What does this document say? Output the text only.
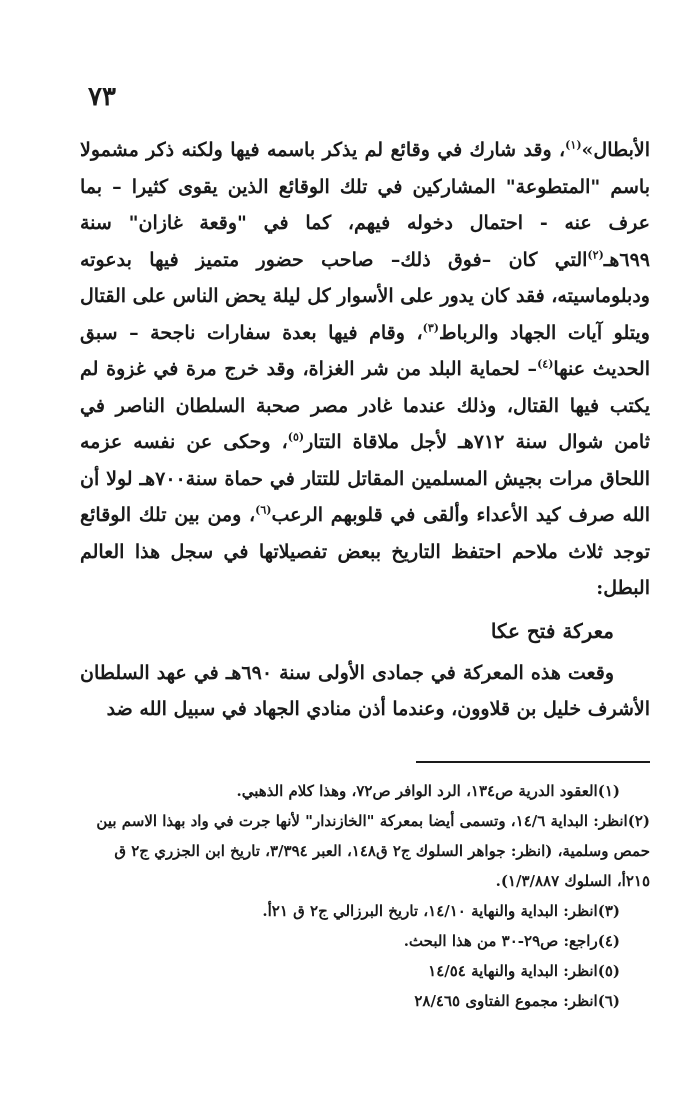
٧٣

الأبطال»$^{(١)}$، وقد شارك في وقائع لم يذكر باسمه فيها ولكنه ذكر مشمولا باسم "المتطوعة" المشاركين في تلك الوقائع الذين يقوى كثيرا – بما عرف عنه - احتمال دخوله فيهم، كما في "وقعة غازان" سنة ٦٩٩هـ$^{(٢)}$التي كان –فوق ذلك– صاحب حضور متميز فيها بدعوته ودبلوماسيته، فقد كان يدور على الأسوار كل ليلة يحض الناس على القتال ويتلو آيات الجهاد والرباط$^{(٣)}$، وقام فيها بعدة سفارات ناجحة – سبق الحديث عنها$^{(٤)}$– لحماية البلد من شر الغزاة، وقد خرج مرة في غزوة لم يكتب فيها القتال، وذلك عندما غادر مصر صحبة السلطان الناصر في ثامن شوال سنة ٧١٢هـ لأجل ملاقاة التتار$^{(٥)}$، وحكى عن نفسه عزمه اللحاق مرات بجيش المسلمين المقاتل للتتار في حماة سنة٧٠٠هـ لولا أن الله صرف كيد الأعداء وألقى في قلوبهم الرعب$^{(٦)}$، ومن بين تلك الوقائع توجد ثلاث ملاحم احتفظ التاريخ ببعض تفصيلاتها في سجل هذا العالم البطل:

معركة فتح عكا

وقعت هذه المعركة في جمادى الأولى سنة ٦٩٠هـ في عهد السلطان الأشرف خليل بن قلاوون، وعندما أذن منادي الجهاد في سبيل الله ضد

(١)العقود الدرية ص١٣٤، الرد الوافر ص٧٢، وهذا كلام الذهبي.

(٢)انظر: البداية ١٤/٦، وتسمى أيضا بمعركة "الخازندار" لأنها جرت في واد بهذا الاسم بين حمص وسلمية، (انظر: جواهر السلوك ج٢ ق١٤٨، العبر ٣/٣٩٤، تاريخ ابن الجزري ج٢ ق ٢١٥أ، السلوك ١/٣/٨٨٧).

(٣)انظر: البداية والنهاية ١٤/١٠، تاريخ البرزالي ج٢ ق ٢١أ.

(٤)راجع: ص٢٩-٣٠ من هذا البحث.

(٥)انظر: البداية والنهاية ١٤/٥٤

(٦)انظر: مجموع الفتاوى ٢٨/٤٦٥
